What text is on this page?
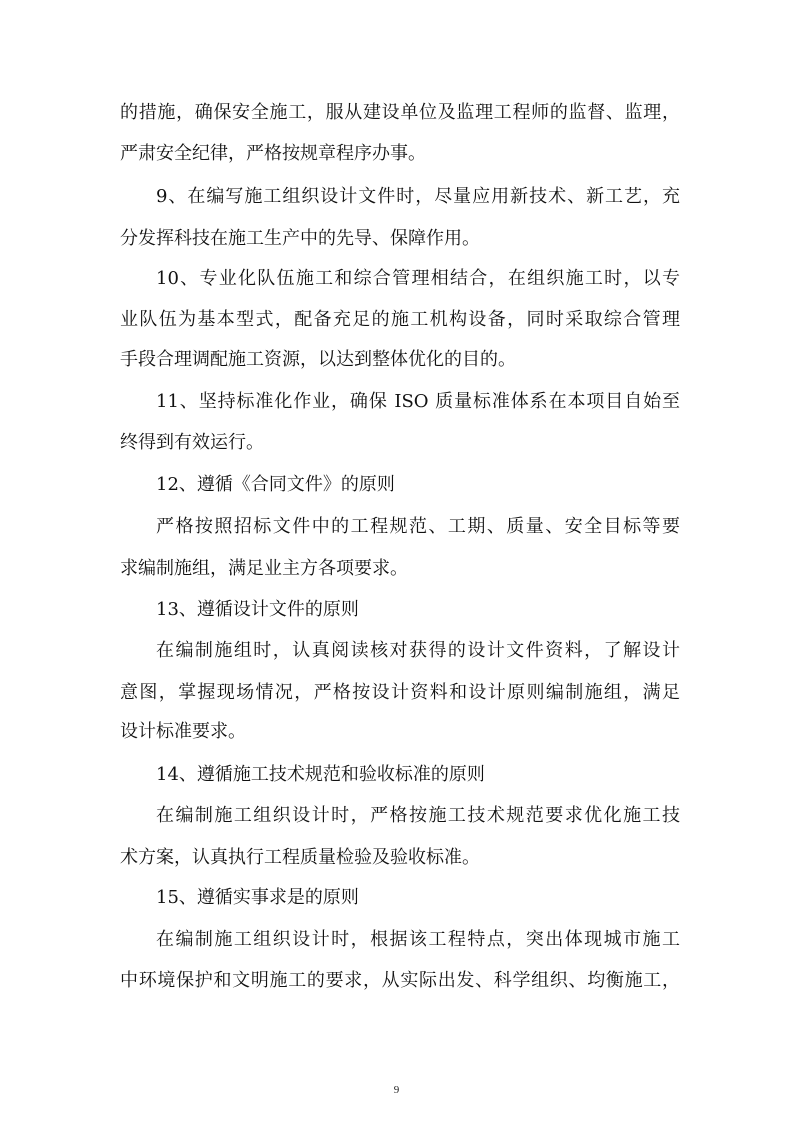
的措施，确保安全施工，服从建设单位及监理工程师的监督、监理，
严肃安全纪律，严格按规章程序办事。
9、在编写施工组织设计文件时，尽量应用新技术、新工艺，充
分发挥科技在施工生产中的先导、保障作用。
10、专业化队伍施工和综合管理相结合，在组织施工时，以专
业队伍为基本型式，配备充足的施工机构设备，同时采取综合管理
手段合理调配施工资源，以达到整体优化的目的。
11、坚持标准化作业，确保 ISO 质量标准体系在本项目自始至
终得到有效运行。
12、遵循《合同文件》的原则
严格按照招标文件中的工程规范、工期、质量、安全目标等要
求编制施组，满足业主方各项要求。
13、遵循设计文件的原则
在编制施组时，认真阅读核对获得的设计文件资料，了解设计
意图，掌握现场情况，严格按设计资料和设计原则编制施组，满足
设计标准要求。
14、遵循施工技术规范和验收标准的原则
在编制施工组织设计时，严格按施工技术规范要求优化施工技
术方案，认真执行工程质量检验及验收标准。
15、遵循实事求是的原则
在编制施工组织设计时，根据该工程特点，突出体现城市施工
中环境保护和文明施工的要求，从实际出发、科学组织、均衡施工，
9
